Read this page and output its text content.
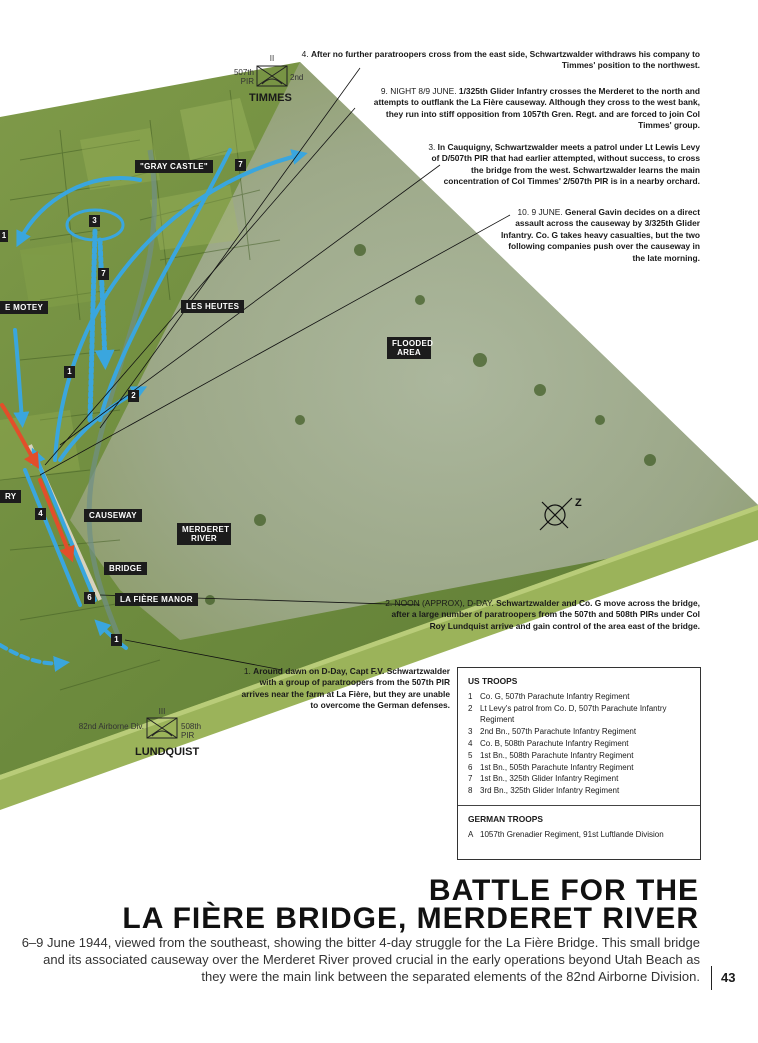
Z
"GRAY CASTLE"
E MOTEY	LES HEUTES
FLOODED AREA
RY
CAUSEWAY
MERDERET RIVER
BRIDGE
LA FIÈRE MANOR
3
7
7
1
2
4
6
1
1
II
507th PIR	2nd
TIMMES
III
82nd Airborne Div.	508th PIR
LUNDQUIST
4. After no further paratroopers cross from the east side, Schwartzwalder withdraws his company to Timmes' position to the northwest.
9. NIGHT 8/9 JUNE. 1/325th Glider Infantry crosses the Merderet to the north and attempts to outflank the La Fière causeway. Although they cross to the west bank, they run into stiff opposition from 1057th Gren. Regt. and are forced to join Col Timmes' group.
3. In Cauquigny, Schwartzwalder meets a patrol under Lt Lewis Levy of D/507th PIR that had earlier attempted, without success, to cross the bridge from the west. Schwartzwalder learns the main concentration of Col Timmes' 2/507th PIR is in a nearby orchard.
10. 9 JUNE. General Gavin decides on a direct assault across the causeway by 3/325th Glider Infantry. Co. G takes heavy casualties, but the two following companies push over the causeway in the late morning.
2. NOON (APPROX), D-DAY. Schwartzwalder and Co. G move across the bridge, after a large number of paratroopers from the 507th and 508th PIRs under Col Roy Lundquist arrive and gain control of the area east of the bridge.
1. Around dawn on D-Day, Capt F.V. Schwartzwalder with a group of paratroopers from the 507th PIR arrives near the farm at La Fière, but they are unable to overcome the German defenses.
US TROOPS
1 Co. G, 507th Parachute Infantry Regiment
2 Lt Levy's patrol from Co. D, 507th Parachute Infantry Regiment
3 2nd Bn., 507th Parachute Infantry Regiment
4 Co. B, 508th Parachute Infantry Regiment
5 1st Bn., 508th Parachute Infantry Regiment
6 1st Bn., 505th Parachute Infantry Regiment
7 1st Bn., 325th Glider Infantry Regiment
8 3rd Bn., 325th Glider Infantry Regiment
GERMAN TROOPS
A 1057th Grenadier Regiment, 91st Luftlande Division
BATTLE FOR THE
LA FIÈRE BRIDGE, MERDERET RIVER
6–9 June 1944, viewed from the southeast, showing the bitter 4-day struggle for the La Fière Bridge. This small bridge and its associated causeway over the Merderet River proved crucial in the early operations beyond Utah Beach as they were the main link between the separated elements of the 82nd Airborne Division. 43
